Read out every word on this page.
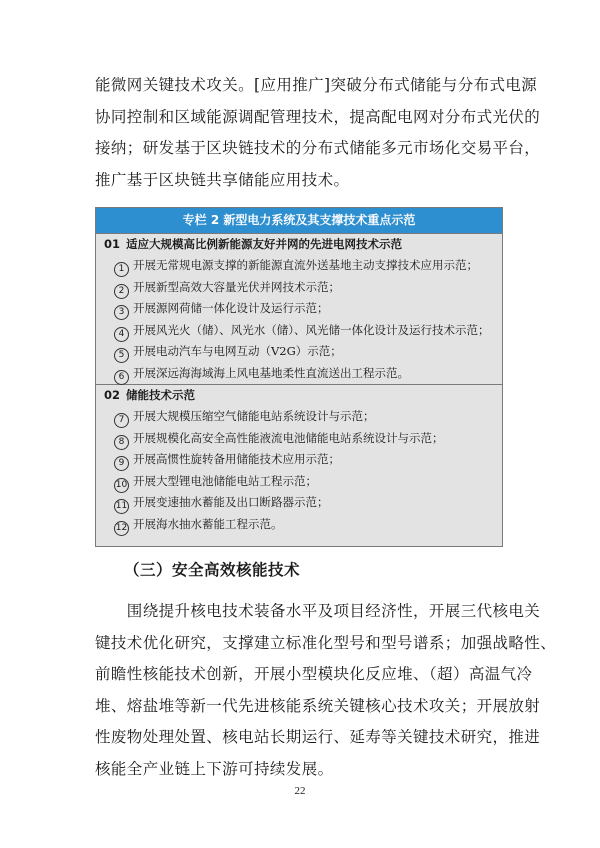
能微网关键技术攻关。[应用推广]突破分布式储能与分布式电源
协同控制和区域能源调配管理技术，提高配电网对分布式光伏的
接纳；研发基于区块链技术的分布式储能多元市场化交易平台，
推广基于区块链共享储能应用技术。
专栏 2 新型电力系统及其支撑技术重点示范
01 适应大规模高比例新能源友好并网的先进电网技术示范
1 开展无常规电源支撑的新能源直流外送基地主动支撑技术应用示范；
2 开展新型高效大容量光伏并网技术示范；
3 开展源网荷储一体化设计及运行示范；
4 开展风光火（储）、风光水（储）、风光储一体化设计及运行技术示范；
5 开展电动汽车与电网互动（V2G）示范；
6 开展深远海海域海上风电基地柔性直流送出工程示范。
02 储能技术示范
7 开展大规模压缩空气储能电站系统设计与示范；
8 开展规模化高安全高性能液流电池储能电站系统设计与示范；
9 开展高惯性旋转备用储能技术应用示范；
10 开展大型锂电池储能电站工程示范；
11 开展变速抽水蓄能及出口断路器示范；
12 开展海水抽水蓄能工程示范。
（三）安全高效核能技术
　　围绕提升核电技术装备水平及项目经济性，开展三代核电关
键技术优化研究，支撑建立标准化型号和型号谱系；加强战略性、
前瞻性核能技术创新，开展小型模块化反应堆、（超）高温气冷
堆、熔盐堆等新一代先进核能系统关键核心技术攻关；开展放射
性废物处理处置、核电站长期运行、延寿等关键技术研究，推进
核能全产业链上下游可持续发展。
22
